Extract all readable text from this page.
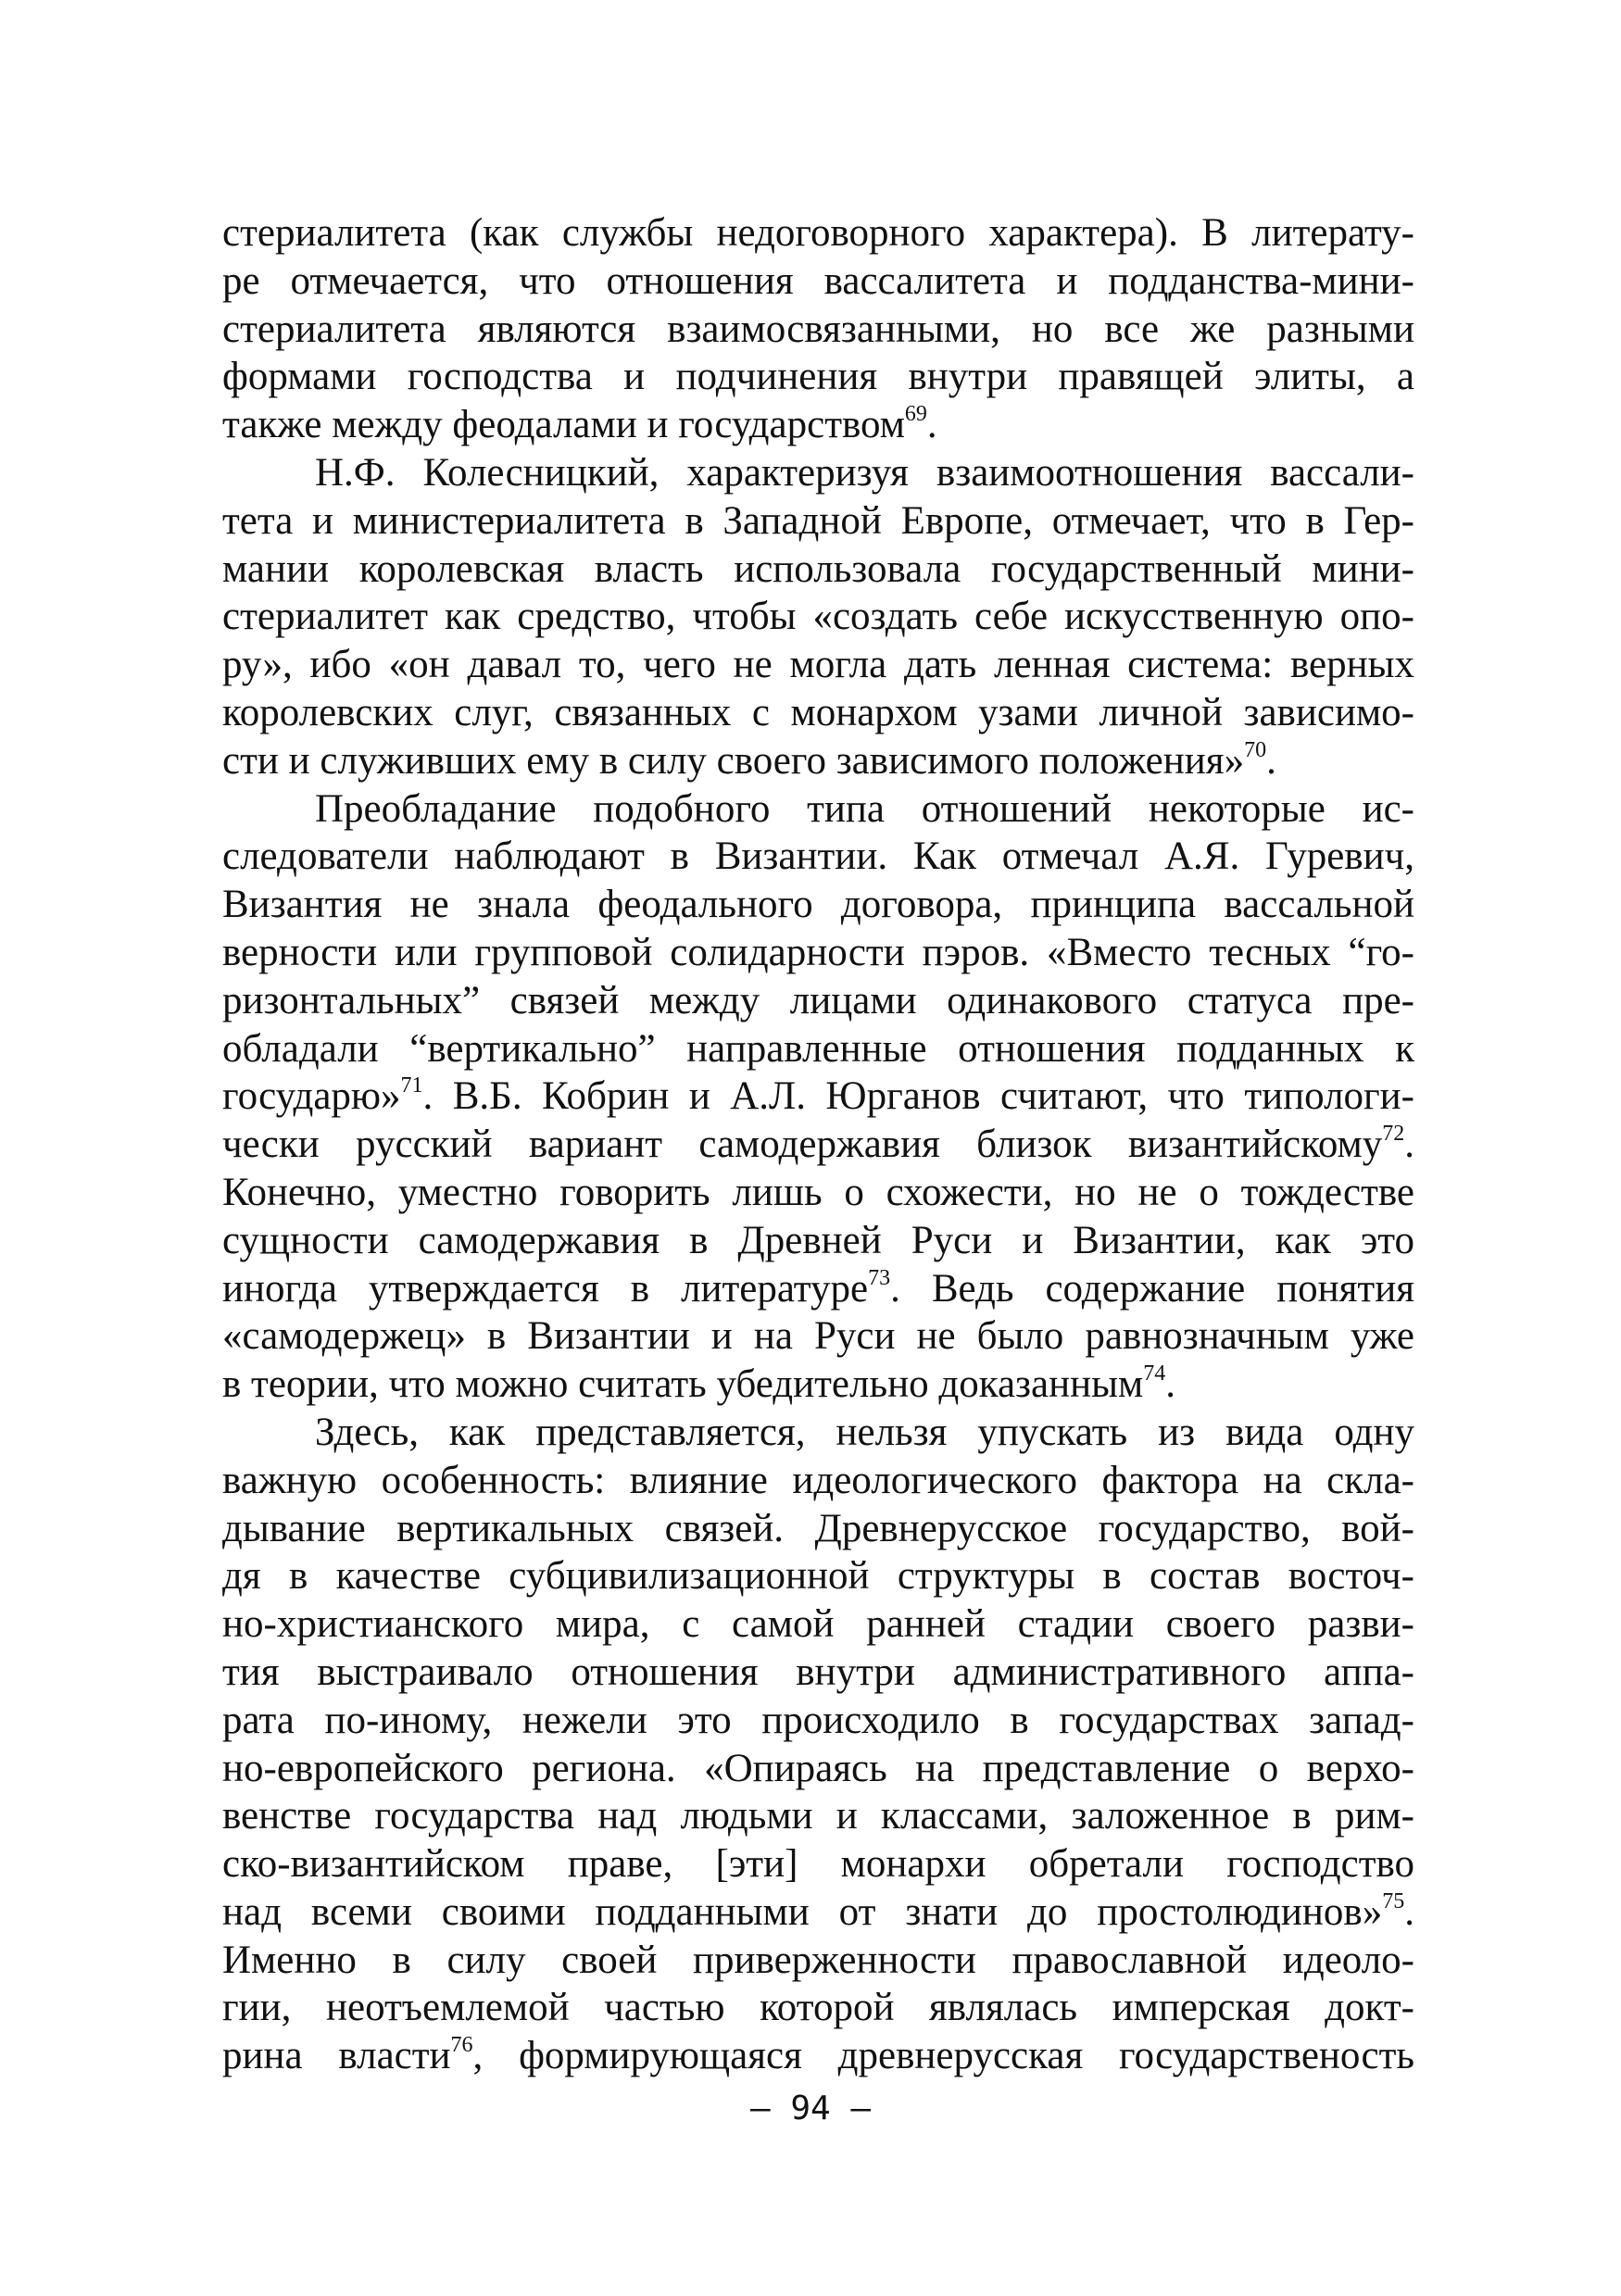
стериалитета (как службы недоговорного характера). В литерату-
ре отмечается, что отношения вассалитета и подданства-мини-
стериалитета являются взаимосвязанными, но все же разными
формами господства и подчинения внутри правящей элиты, а
также между феодалами и государством$^{69}$.
Н.Ф. Колесницкий, характеризуя взаимоотношения вассали-
тета и министериалитета в Западной Европе, отмечает, что в Гер-
мании королевская власть использовала государственный мини-
стериалитет как средство, чтобы «создать себе искусственную опо-
ру», ибо «он давал то, чего не могла дать ленная система: верных
королевских слуг, связанных с монархом узами личной зависимо-
сти и служивших ему в силу своего зависимого положения»$^{70}$.
Преобладание подобного типа отношений некоторые ис-
следователи наблюдают в Византии. Как отмечал А.Я. Гуревич,
Византия не знала феодального договора, принципа вассальной
верности или групповой солидарности пэров. «Вместо тесных “го-
ризонтальных” связей между лицами одинакового статуса пре-
обладали “вертикально” направленные отношения подданных к
государю»$^{71}$. В.Б. Кобрин и А.Л. Юрганов считают, что типологи-
чески русский вариант самодержавия близок византийскому$^{72}$.
Конечно, уместно говорить лишь о схожести, но не о тождестве
сущности самодержавия в Древней Руси и Византии, как это
иногда утверждается в литературе$^{73}$. Ведь содержание понятия
«самодержец» в Византии и на Руси не было равнозначным уже
в теории, что можно считать убедительно доказанным$^{74}$.
Здесь, как представляется, нельзя упускать из вида одну
важную особенность: влияние идеологического фактора на скла-
дывание вертикальных связей. Древнерусское государство, вой-
дя в качестве субцивилизационной структуры в состав восточ-
но-христианского мира, с самой ранней стадии своего разви-
тия выстраивало отношения внутри административного аппа-
рата по-иному, нежели это происходило в государствах запад-
но-европейского региона. «Опираясь на представление о верхо-
венстве государства над людьми и классами, заложенное в рим-
ско-византийском праве, [эти] монархи обретали господство
над всеми своими подданными от знати до простолюдинов»$^{75}$.
Именно в силу своей приверженности православной идеоло-
гии, неотъемлемой частью которой являлась имперская докт-
рина власти$^{76}$, формирующаяся древнерусская государственость
— 94 —
